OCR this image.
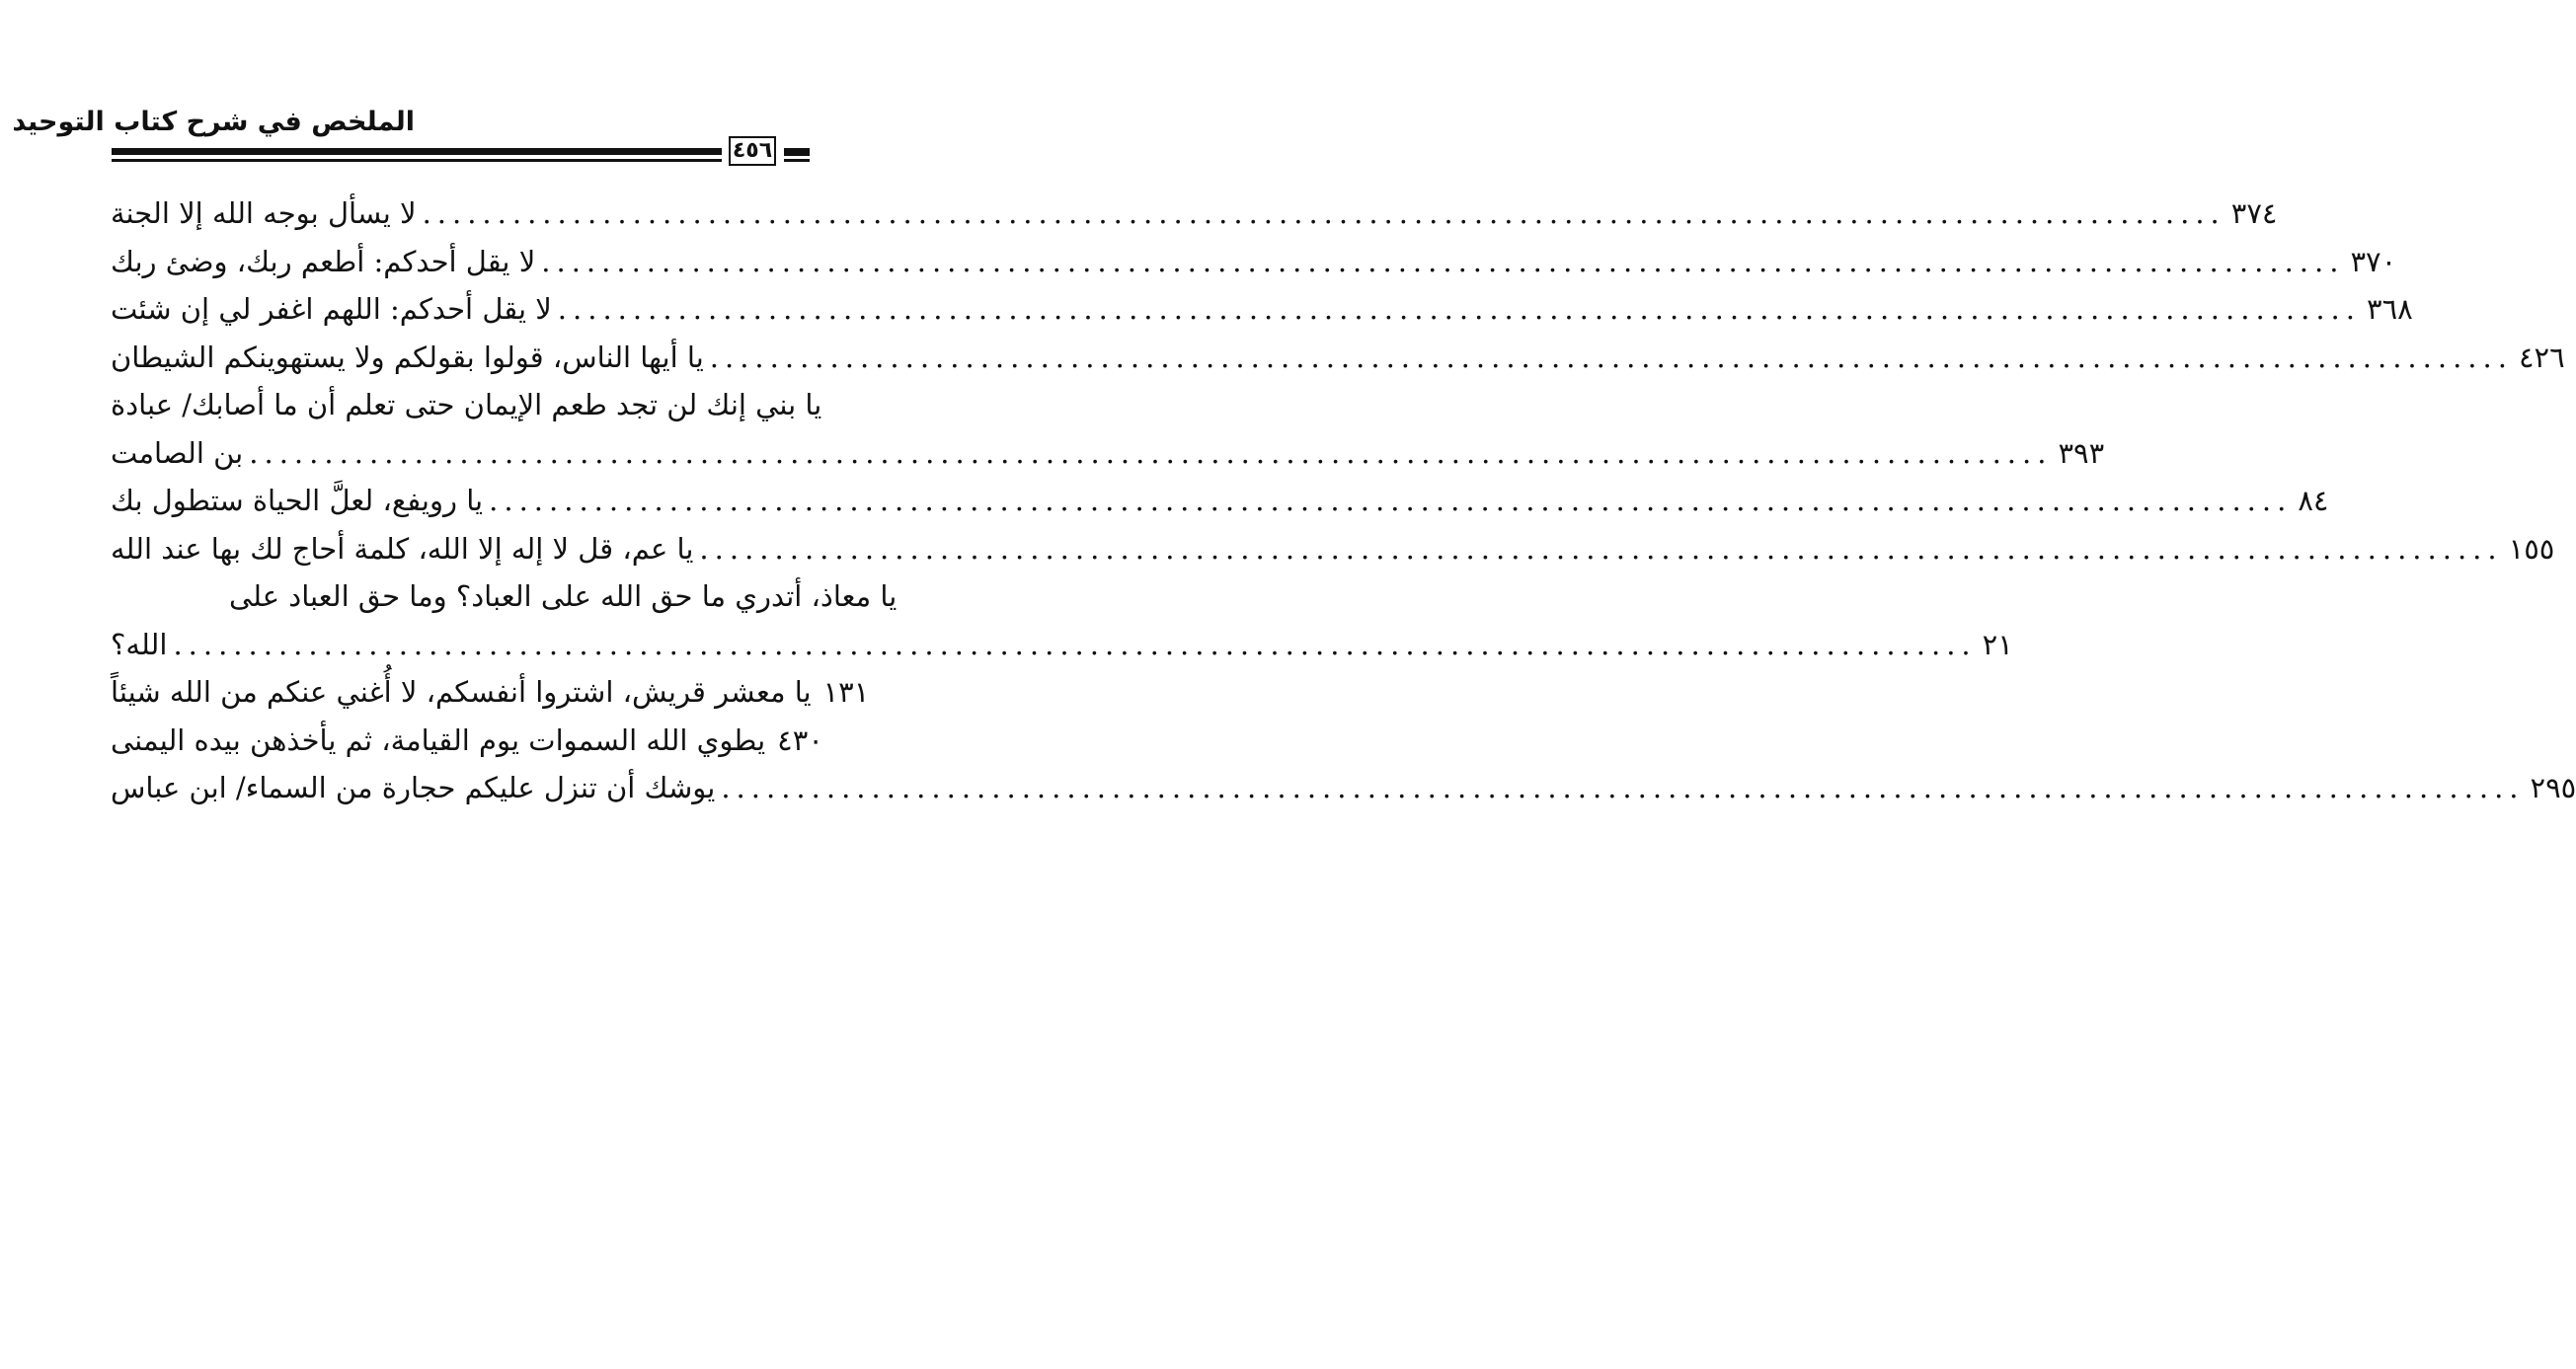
الملخص في شرح كتاب التوحيد
٤٥٦
لا يسأل بوجه الله إلا الجنة .....	٣٧٤
لا يقل أحدكم: أطعم ربك، وضئ ربك .....	٣٧٠
لا يقل أحدكم: اللهم اغفر لي إن شئت .....	٣٦٨
يا أيها الناس، قولوا بقولكم ولا يستهوينكم الشيطان .....	٤٢٦
يا بني إنك لن تجد طعم الإيمان حتى تعلم أن ما أصابك/ عبادة
بن الصامت .....	٣٩٣
يا رويفع، لعلَّ الحياة ستطول بك .....	٨٤
يا عم، قل لا إله إلا الله، كلمة أحاج لك بها عند الله .....	١٥٥
يا معاذ، أتدري ما حق الله على العباد؟ وما حق العباد على
الله؟ .....	٢١
يا معشر قريش، اشتروا أنفسكم، لا أُغني عنكم من الله شيئاً ١٣١
يطوي الله السموات يوم القيامة، ثم يأخذهن بيده اليمنى ٤٣٠
يوشك أن تنزل عليكم حجارة من السماء/ ابن عباس .....	٢٩٥
